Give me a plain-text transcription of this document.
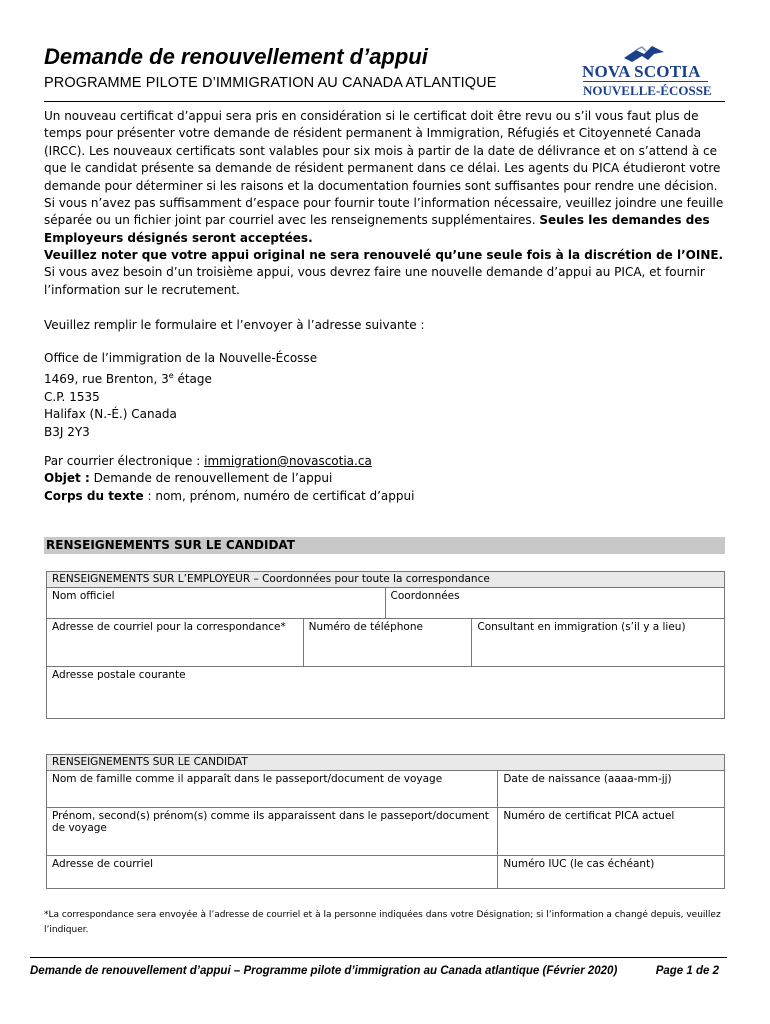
Demande de renouvellement d’appui
PROGRAMME PILOTE D’IMMIGRATION AU CANADA ATLANTIQUE
NOVA SCOTIA
NOUVELLE-ÉCOSSE
Un nouveau certificat d’appui sera pris en considération si le certificat doit être revu ou s’il vous faut plus de temps pour présenter votre demande de résident permanent à Immigration, Réfugiés et Citoyenneté Canada (IRCC). Les nouveaux certificats sont valables pour six mois à partir de la date de délivrance et on s’attend à ce que le candidat présente sa demande de résident permanent dans ce délai. Les agents du PICA étudieront votre demande pour déterminer si les raisons et la documentation fournies sont suffisantes pour rendre une décision. Si vous n’avez pas suffisamment d’espace pour fournir toute l’information nécessaire, veuillez joindre une feuille séparée ou un fichier joint par courriel avec les renseignements supplémentaires. Seules les demandes des Employeurs désignés seront acceptées.
Veuillez noter que votre appui original ne sera renouvelé qu’une seule fois à la discrétion de l’OINE. Si vous avez besoin d’un troisième appui, vous devrez faire une nouvelle demande d’appui au PICA, et fournir l’information sur le recrutement.
Veuillez remplir le formulaire et l’envoyer à l’adresse suivante :
Office de l’immigration de la Nouvelle-Écosse
1469, rue Brenton, 3e étage
C.P. 1535
Halifax (N.-É.) Canada
B3J 2Y3
Par courrier électronique : immigration@novascotia.ca
Objet : Demande de renouvellement de l’appui
Corps du texte : nom, prénom, numéro de certificat d’appui
RENSEIGNEMENTS SUR LE CANDIDAT
RENSEIGNEMENTS SUR L’EMPLOYEUR – Coordonnées pour toute la correspondance			
Nom officiel		Coordonnées	
Adresse de courriel pour la correspondance*	Numéro de téléphone		Consultant en immigration (s’il y a lieu)
Adresse postale courante			
RENSEIGNEMENTS SUR LE CANDIDAT	
Nom de famille comme il apparaît dans le passeport/document de voyage	Date de naissance (aaaa-mm-jj)
Prénom, second(s) prénom(s) comme ils apparaissent dans le passeport/document de voyage	Numéro de certificat PICA actuel
Adresse de courriel	Numéro IUC (le cas échéant)
*La correspondance sera envoyée à l’adresse de courriel et à la personne indiquées dans votre Désignation; si l’information a changé depuis, veuillez l’indiquer.
Demande de renouvellement d’appui – Programme pilote d’immigration au Canada atlantique (Février 2020)	Page 1 de 2
